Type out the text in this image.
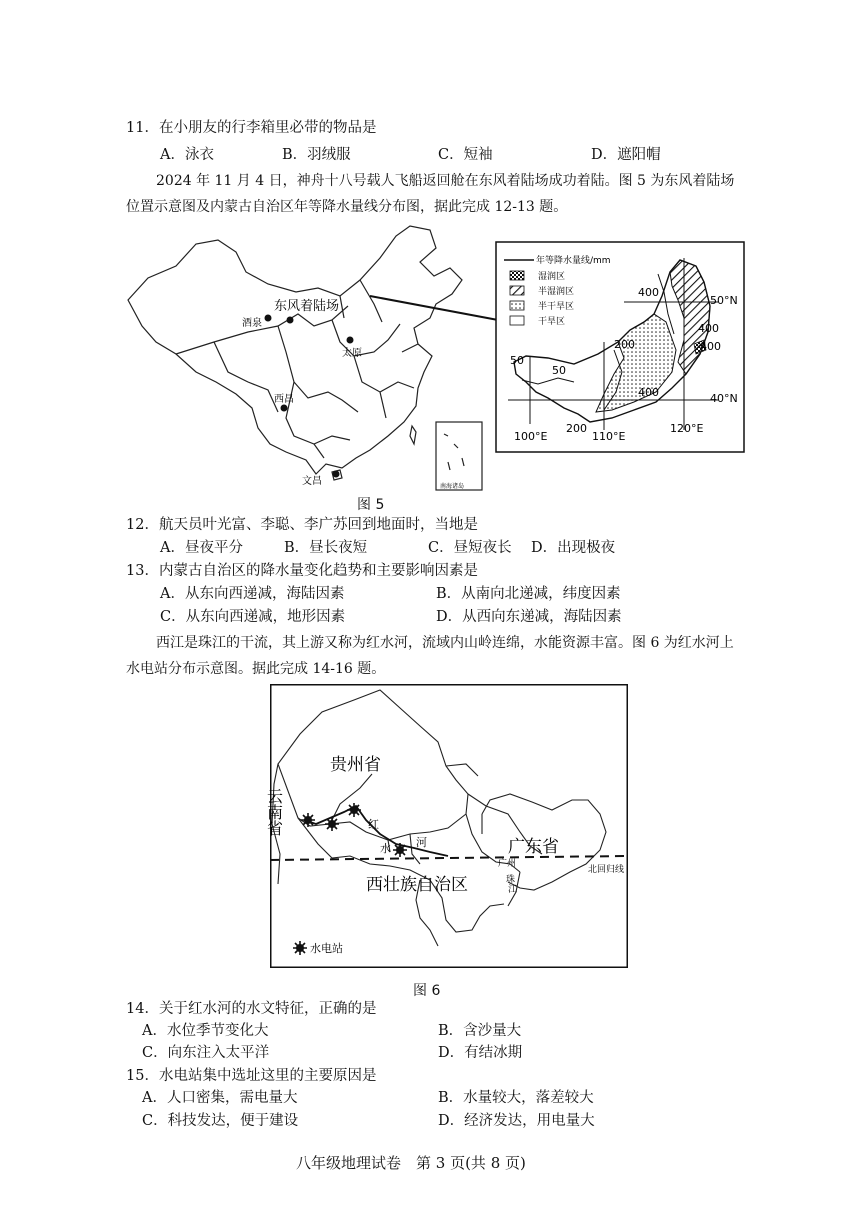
11．在小朋友的行李箱里必带的物品是
A．泳衣	B．羽绒服	C．短袖	D．遮阳帽
2024 年 11 月 4 日，神舟十八号载人飞船返回舱在东风着陆场成功着陆。图 5 为东风着陆场位置示意图及内蒙古自治区年等降水量线分布图，据此完成 12-13 题。
东风着陆场
酒泉
太原
西昌
文昌	南海诸岛
年等降水量线/mm
湿润区
半湿润区
半干旱区
干旱区
400
400
400
200
50
50
400
200
50°N
40°N
100°E	110°E
120°E
图 5
12．航天员叶光富、李聪、李广苏回到地面时，当地是
A．昼夜平分	B．昼长夜短	C．昼短夜长 D．出现极夜
13．内蒙古自治区的降水量变化趋势和主要影响因素是
A．从东向西递减，海陆因素	B．从南向北递减，纬度因素
C．从东向西递减，地形因素	D．从西向东递减，海陆因素
西江是珠江的干流，其上游又称为红水河，流域内山岭连绵，水能资源丰富。图 6 为红水河上水电站分布示意图。据此完成 14-16 题。
贵州省
云南省
西壮族自治区
广东省
红
水 河
广州
珠
江
北回归线
水电站
图 6
14．关于红水河的水文特征，正确的是
A．水位季节变化大	B．含沙量大
C．向东注入太平洋	D．有结冰期
15．水电站集中选址这里的主要原因是
A．人口密集，需电量大	B．水量较大，落差较大
C．科技发达，便于建设	D．经济发达，用电量大
八年级地理试卷　第 3 页(共 8 页)
